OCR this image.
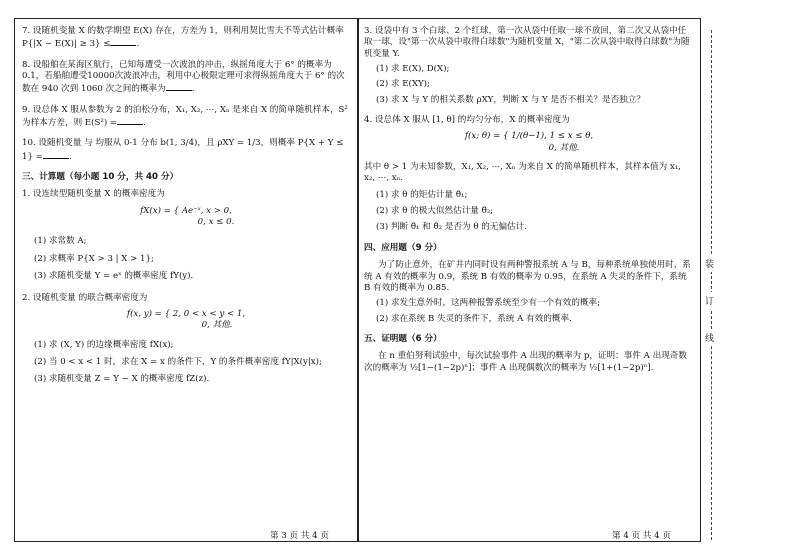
7. 设随机变量 X 的数学期望 E(X) 存在，方差为 1，则利用契比雪夫不等式估计概率 P{|X − E(X)| ≥ 3} ≤	.
8. 设船舶在某海区航行，已知每遭受一次波浪的冲击，纵摇角度大于 6° 的概率为0.1，若船舶遭受10000次波浪冲击，利用中心极限定理可求得纵摇角度大于 6° 的次数在 940 次到 1060 次之间的概率为	.
9. 设总体 X 服从参数为 2 的泊松分布，X₁, X₂, ⋯, Xₙ 是来自 X 的简单随机样本，S² 为样本方差，则 E(S²) =	.
10. 设随机变量 与 均服从 0-1 分布 b(1, 3/4)，且 ρXY = 1/3，则概率 P{X + Y ≤ 1} =	.
三、计算题（每小题 10 分，共 40 分）
1. 设连续型随机变量 X 的概率密度为
fX(x) = { Ae⁻ˣ, x > 0,
0, x ≤ 0.
(1) 求常数 A;
(2) 求概率 P{X > 3 | X > 1};
(3) 求随机变量 Y = eˣ 的概率密度 fY(y).
2. 设随机变量 的联合概率密度为
f(x, y) = { 2, 0 < x < y < 1,
0, 其他.
(1) 求 (X, Y) 的边缘概率密度 fX(x);
(2) 当 0 < x < 1 时，求在 X = x 的条件下，Y 的条件概率密度 fY|X(y|x);
(3) 求随机变量 Z = Y − X 的概率密度 fZ(z).
第 3 页 共 4 页
3. 设袋中有 3 个白球、2 个红球，第一次从袋中任取一球不放回，第二次又从袋中任取一球，设"第一次从袋中取得白球数"为随机变量 X，"第二次从袋中取得白球数"为随机变量 Y.
(1) 求 E(X), D(X);
(2) 求 E(XY);
(3) 求 X 与 Y 的相关系数 ρXY，判断 X 与 Y 是否不相关？是否独立？
4. 设总体 X 服从 [1, θ] 的均匀分布，X 的概率密度为
f(x; θ) = { 1/(θ−1), 1 ≤ x ≤ θ,
0, 其他.
其中 θ > 1 为未知参数，X₁, X₂, ⋯, Xₙ 为来自 X 的简单随机样本，其样本值为 x₁, x₂, ⋯, xₙ.
(1) 求 θ 的矩估计量 θ̂₁;
(2) 求 θ 的极大似然估计量 θ̂₂;
(3) 判断 θ̂₁ 和 θ̂₂ 是否为 θ 的无偏估计.
四、应用题（9 分）
为了防止意外，在矿井内同时设有两种警报系统 A 与 B，每种系统单独使用时，系统 A 有效的概率为 0.9，系统 B 有效的概率为 0.95，在系统 A 失灵的条件下，系统 B 有效的概率为 0.85.
(1) 求发生意外时，这两种报警系统至少有一个有效的概率;
(2) 求在系统 B 失灵的条件下，系统 A 有效的概率.
五、证明题（6 分）
在 n 重伯努利试验中，每次试验事件 A 出现的概率为 p，证明：事件 A 出现奇数次的概率为 ½[1−(1−2p)ⁿ]；事件 A 出现偶数次的概率为 ½[1+(1−2p)ⁿ].
第 4 页 共 4 页
装
订
线
